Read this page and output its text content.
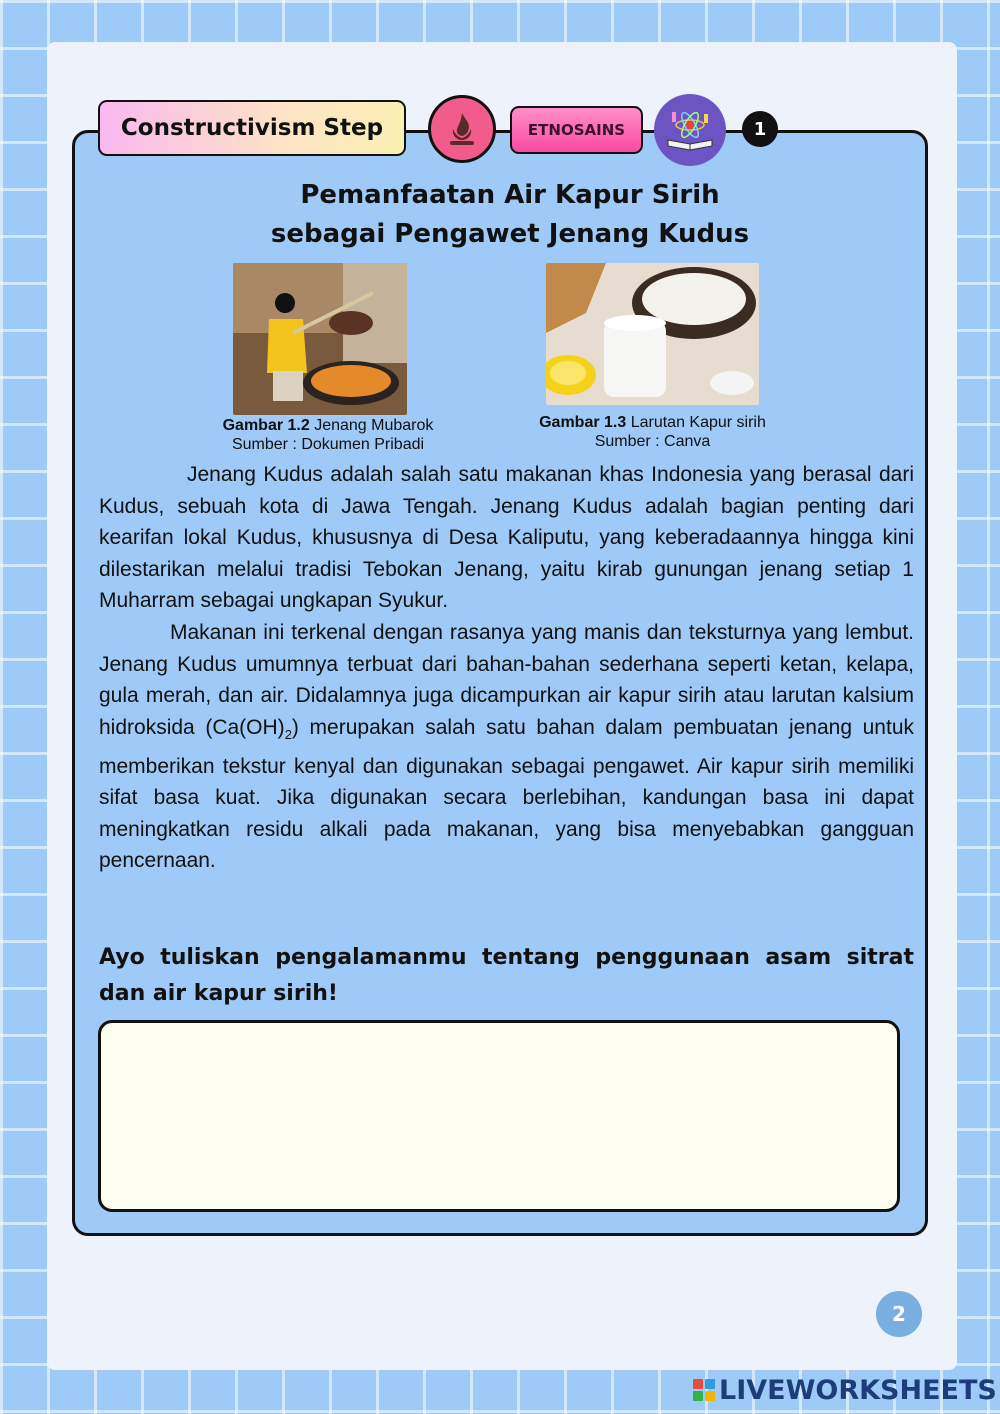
Constructivism Step	ETNOSAINS	1
Pemanfaatan Air Kapur Sirih
sebagai Pengawet Jenang Kudus
Gambar 1.2 Jenang Mubarok
Sumber : Dokumen Pribadi
Gambar 1.3 Larutan Kapur sirih
Sumber : Canva

Jenang Kudus adalah salah satu makanan khas Indonesia yang berasal dari Kudus, sebuah kota di Jawa Tengah. Jenang Kudus adalah bagian penting dari kearifan lokal Kudus, khususnya di Desa Kaliputu, yang keberadaannya hingga kini dilestarikan melalui tradisi Tebokan Jenang, yaitu kirab gunungan jenang setiap 1 Muharram sebagai ungkapan Syukur.

Makanan ini terkenal dengan rasanya yang manis dan teksturnya yang lembut. Jenang Kudus umumnya terbuat dari bahan-bahan sederhana seperti ketan, kelapa, gula merah, dan air. Didalamnya juga dicampurkan air kapur sirih atau larutan kalsium hidroksida $(Ca(OH)_2)$ merupakan salah satu bahan dalam pembuatan jenang untuk memberikan tekstur kenyal dan digunakan sebagai pengawet. Air kapur sirih memiliki sifat basa kuat. Jika digunakan secara berlebihan, kandungan basa ini dapat meningkatkan residu alkali pada makanan, yang bisa menyebabkan gangguan pencernaan.

Ayo tuliskan pengalamanmu tentang penggunaan asam sitrat dan air kapur sirih!
2
LIVEWORKSHEETS
